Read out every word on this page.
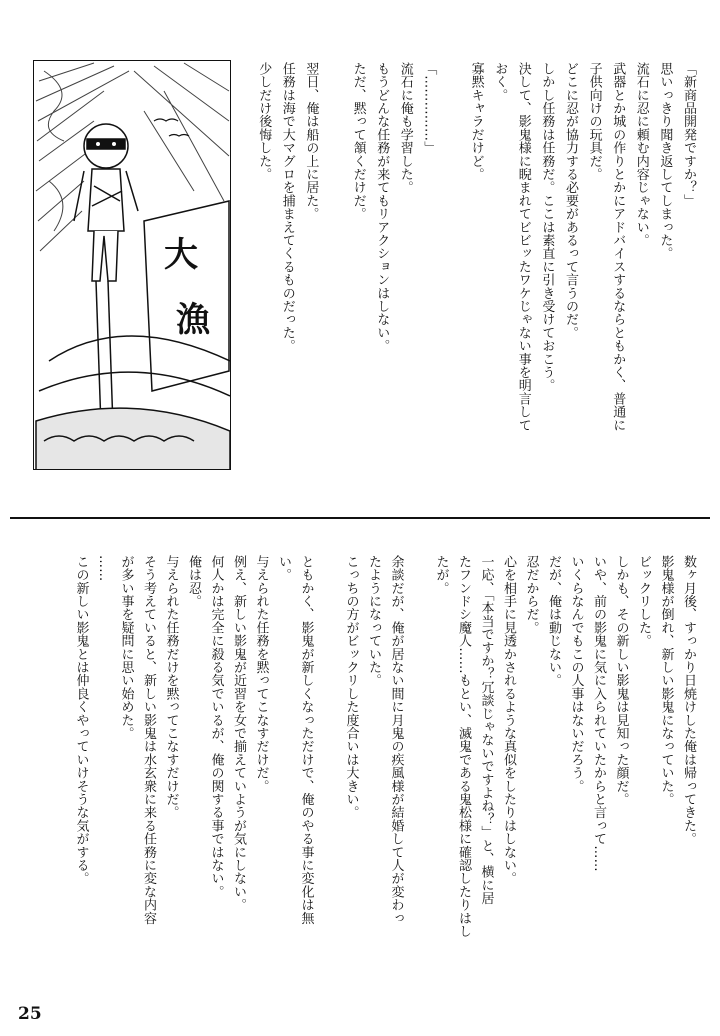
大
漁
「新商品開発ですか？」
思いっきり聞き返してしまった。
流石に忍に頼む内容じゃない。
武器とか城の作りとかにアドバイスするならともかく、普通に
子供向けの玩具だ。
どこに忍が協力する必要があるって言うのだ。
しかし任務は任務だ。ここは素直に引き受けておこう。
決して、影鬼様に睨まれてビビッたワケじゃない事を明言して
おく。
寡黙キャラだけど。
「……………」
流石に俺も学習した。
もうどんな任務が来てもリアクションはしない。
ただ、黙って頷くだけだ。
翌日、俺は船の上に居た。
任務は海で大マグロを捕まえてくるものだった。
少しだけ後悔した。
数ヶ月後、すっかり日焼けした俺は帰ってきた。
影鬼様が倒れ、新しい影鬼になっていた。
ビックリした。
しかも、その新しい影鬼は見知った顔だ。
いや、前の影鬼に気に入られていたからと言って……
いくらなんでもこの人事はないだろう。
だが、俺は動じない。
忍だからだ。
心を相手に見透かされるような真似をしたりはしない。
一応、「本当ですか？冗談じゃないですよね？」と、横に居
たフンドシ魔人……もとい、滅鬼である鬼松様に確認したりはし
たが。
余談だが、俺が居ない間に月鬼の疾風様が結婚して人が変わっ
たようになっていた。
こっちの方がビックリした度合いは大きい。
ともかく、影鬼が新しくなっただけで、俺のやる事に変化は無
い。
与えられた任務を黙ってこなすだけだ。
例え、新しい影鬼が近習を女で揃えていようが気にしない。
何人かは完全に殺る気でいるが、俺の関する事ではない。
俺は忍。
与えられた任務だけを黙ってこなすだけだ。
そう考えていると、新しい影鬼は水玄衆に来る任務に変な内容
が多い事を疑問に思い始めた。
……
この新しい影鬼とは仲良くやっていけそうな気がする。
25
